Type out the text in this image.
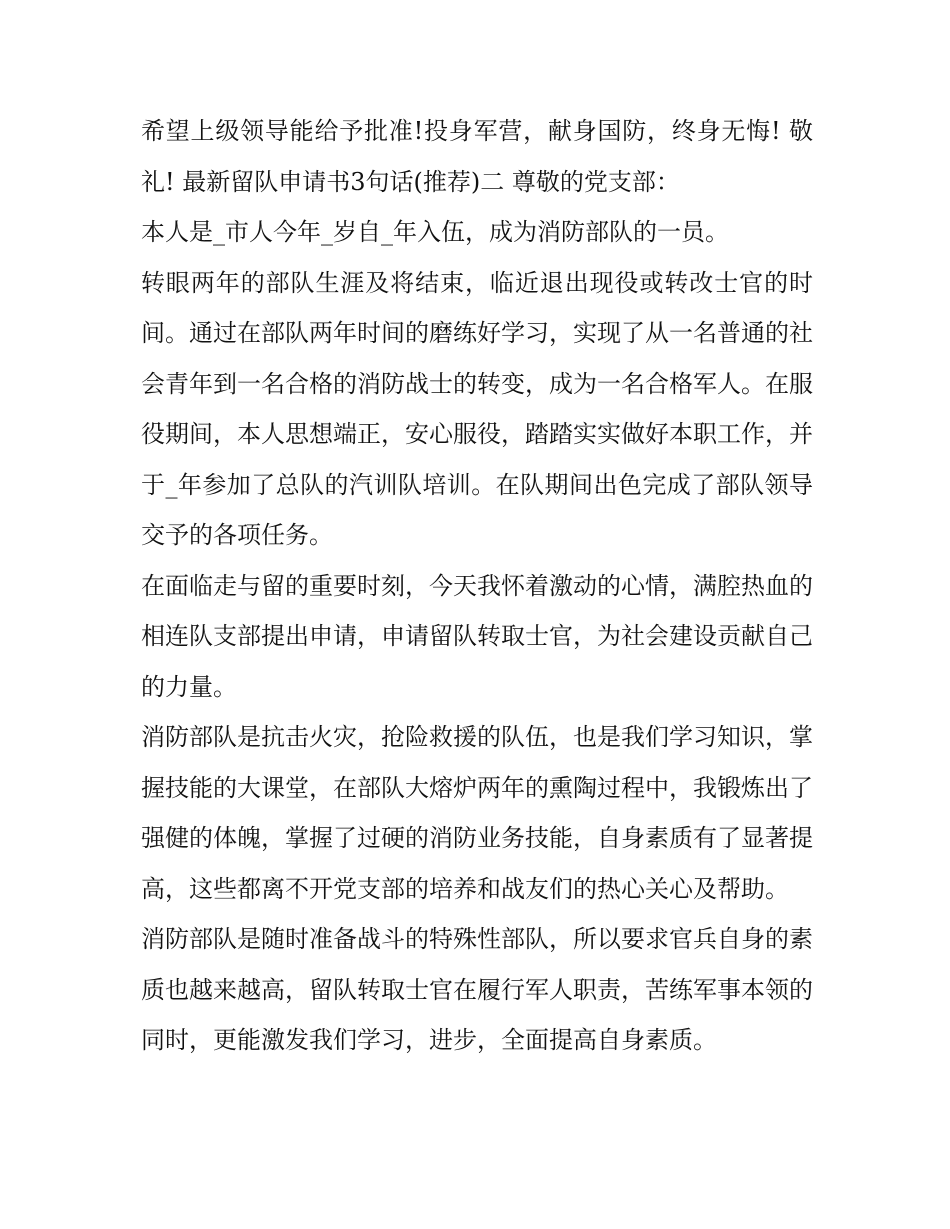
希望上级领导能给予批准!投身军营，献身国防，终身无悔! 敬礼! 最新留队申请书3句话(推荐)二 尊敬的党支部：

本人是_市人今年_岁自_年入伍，成为消防部队的一员。

转眼两年的部队生涯及将结束，临近退出现役或转改士官的时间。通过在部队两年时间的磨练好学习，实现了从一名普通的社会青年到一名合格的消防战士的转变，成为一名合格军人。在服役期间，本人思想端正，安心服役，踏踏实实做好本职工作，并于_年参加了总队的汽训队培训。在队期间出色完成了部队领导交予的各项任务。

在面临走与留的重要时刻，今天我怀着激动的心情，满腔热血的相连队支部提出申请，申请留队转取士官，为社会建设贡献自己的力量。

消防部队是抗击火灾，抢险救援的队伍，也是我们学习知识，掌握技能的大课堂，在部队大熔炉两年的熏陶过程中，我锻炼出了强健的体魄，掌握了过硬的消防业务技能，自身素质有了显著提高，这些都离不开党支部的培养和战友们的热心关心及帮助。

消防部队是随时准备战斗的特殊性部队，所以要求官兵自身的素质也越来越高，留队转取士官在履行军人职责，苦练军事本领的同时，更能激发我们学习，进步，全面提高自身素质。
